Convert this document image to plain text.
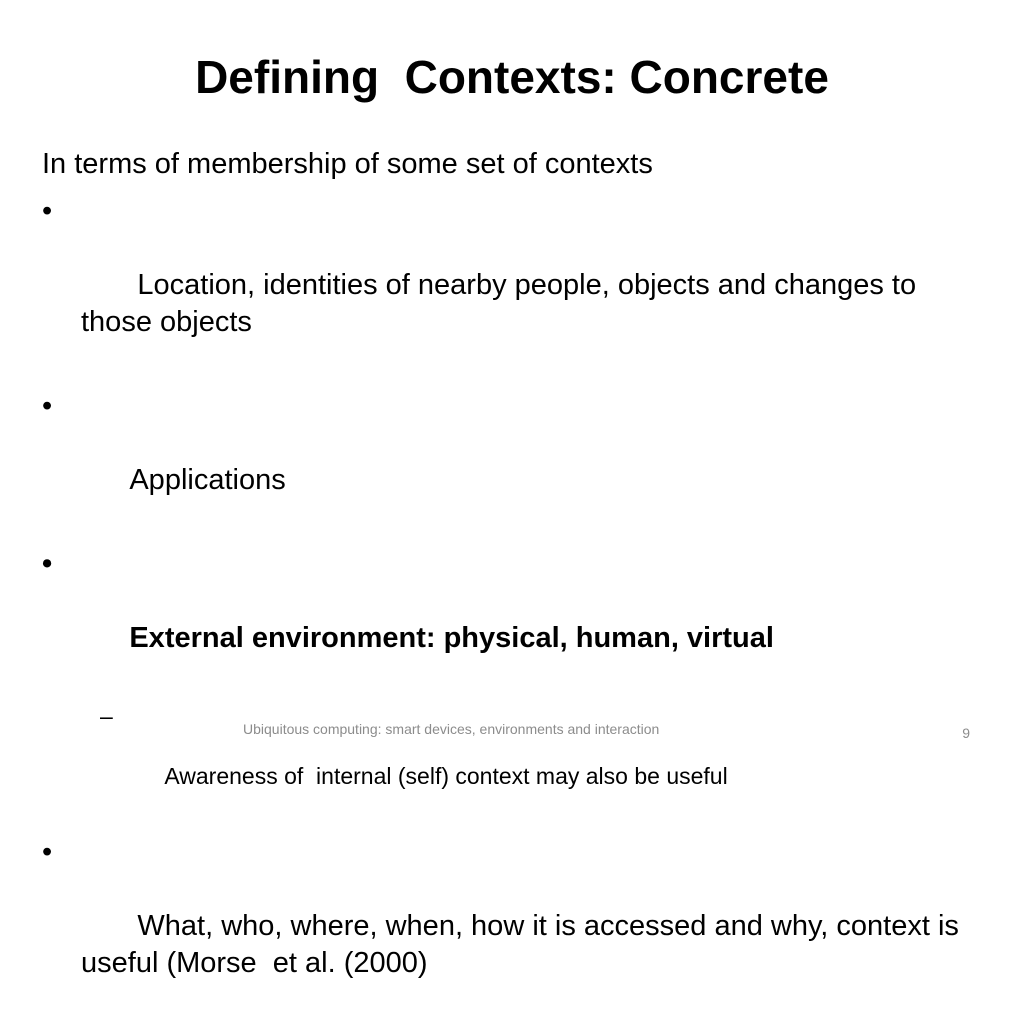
Defining  Contexts: Concrete
In terms of membership of some set of contexts

•

Location, identities of nearby people, objects and changes to those objects

•

Applications

•

External environment: physical, human, virtual

–

Awareness of  internal (self) context may also be useful

•

What, who, where, when, how it is accessed and why, context is useful (Morse  et al. (2000)

Ubiquitous computing: smart devices, environments and interaction	9
